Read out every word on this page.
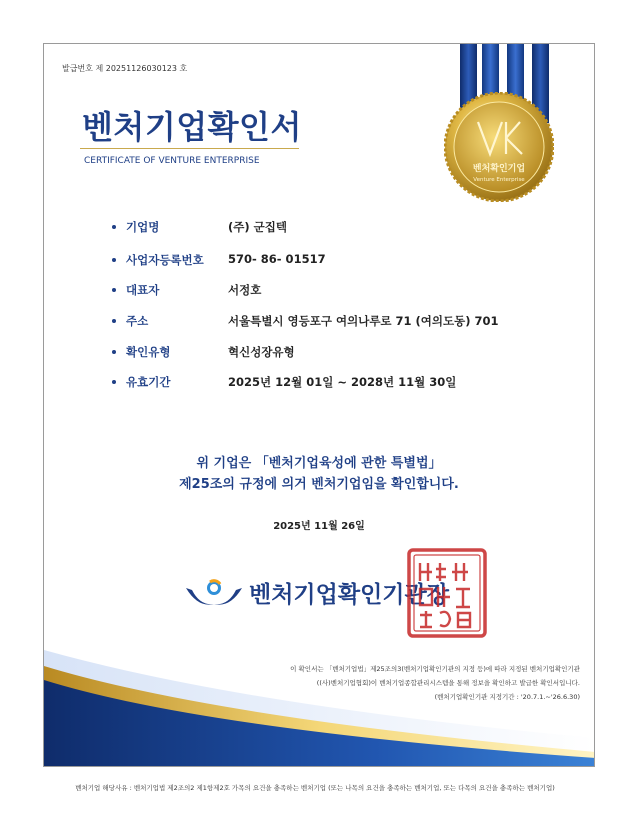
발급번호 제 20251126030123 호
벤처기업확인서
CERTIFICATE OF VENTURE ENTERPRISE
벤처확인기업
Venture Enterprise
기업명	(주) 군집텍
사업자등록번호 570- 86- 01517
대표자	서정호
주소	서울특별시 영등포구 여의나루로 71 (여의도동) 701
확인유형	혁신성장유형
유효기간	2025년 12월 01일 ~ 2028년 11월 30일
위 기업은 「벤처기업육성에 관한 특별법」
제25조의 규정에 의거 벤처기업임을 확인합니다.
2025년 11월 26일
벤처기업확인기관장
이 확인서는 「벤처기업법」제25조의3(벤처기업확인기관의 지정 등)에 따라 지정된 벤처기업확인기관
((사)벤처기업협회)이 벤처기업종합관리시스템을 통해 정보을 확인하고 발급한 확인서입니다.
(벤처기업확인기관 지정기간 : '20.7.1.~'26.6.30)
벤처기업 해당사유 : 벤처기업법 제2조의2 제1항제2호 가목의 요건을 충족하는 벤처기업 (또는 나목의 요건을 충족하는 벤처기업, 또는 다목의 요건을 충족하는 벤처기업)
